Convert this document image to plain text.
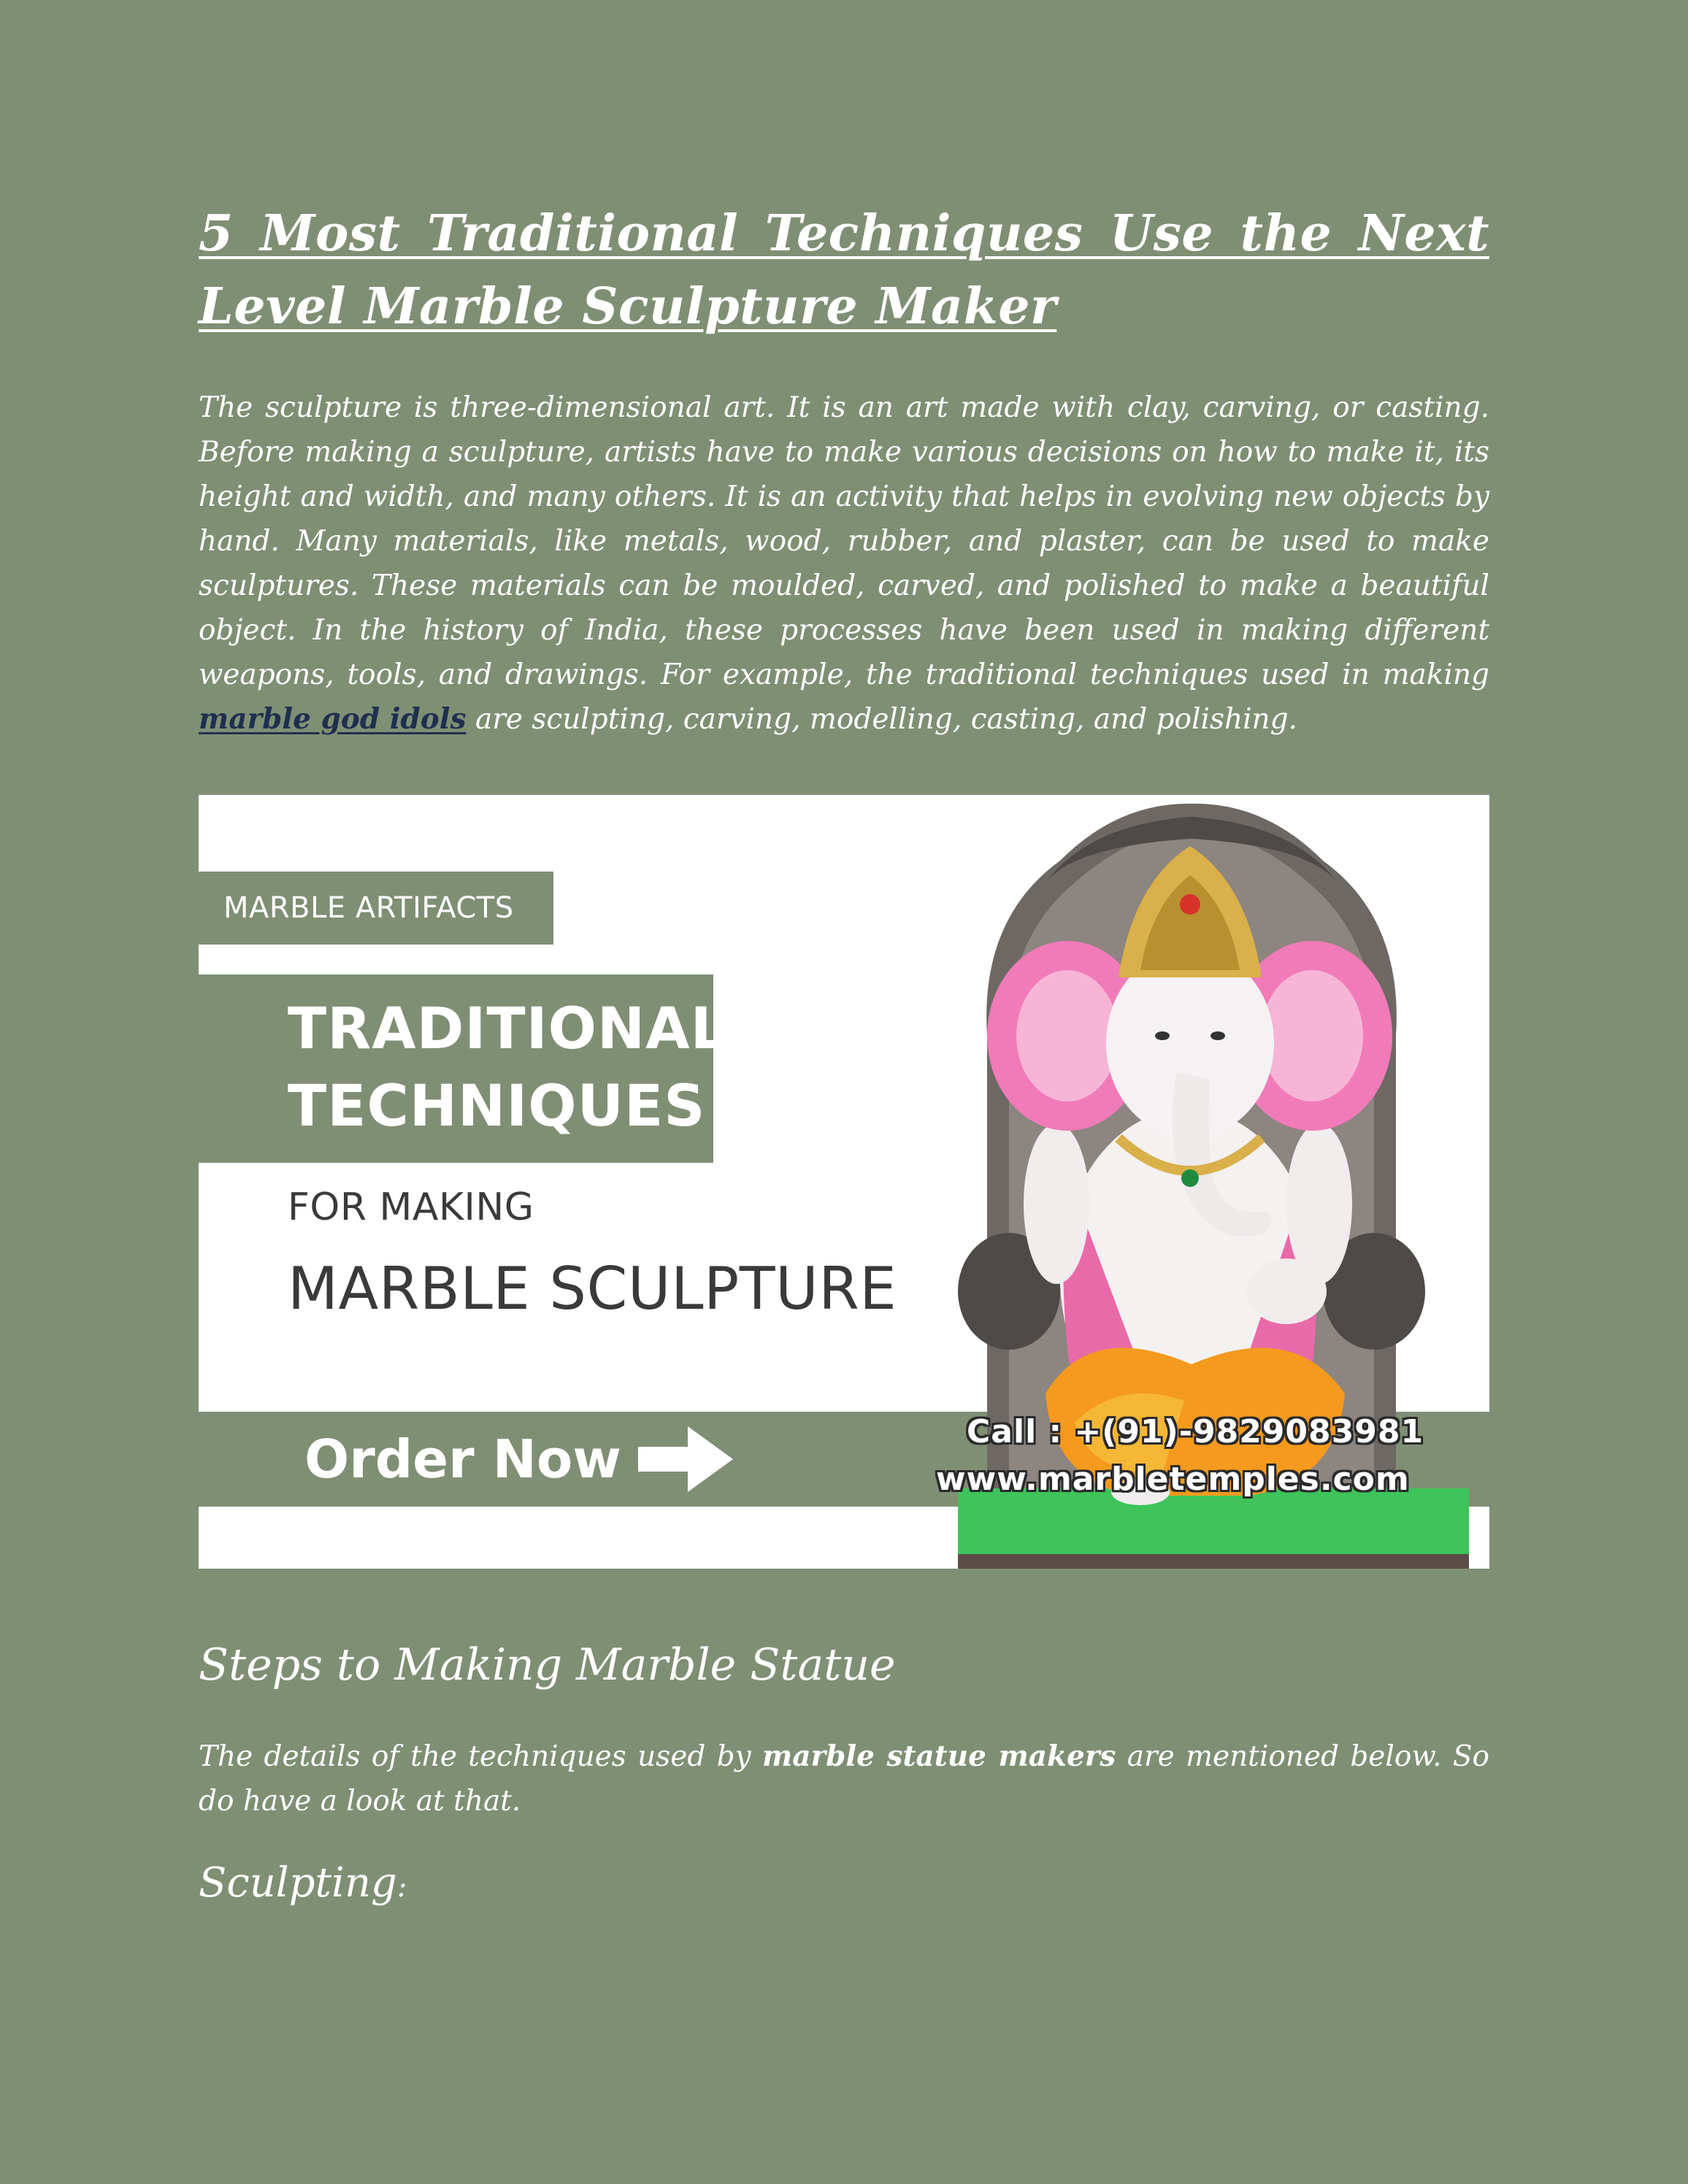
5 Most Traditional Techniques Use the Next Level Marble Sculpture Maker

The sculpture is three-dimensional art. It is an art made with clay, carving, or casting. Before making a sculpture, artists have to make various decisions on how to make it, its height and width, and many others. It is an activity that helps in evolving new objects by hand. Many materials, like metals, wood, rubber, and plaster, can be used to make sculptures. These materials can be moulded, carved, and polished to make a beautiful object. In the history of India, these processes have been used in making different weapons, tools, and drawings. For example, the traditional techniques used in making marble god idols are sculpting, carving, modelling, casting, and polishing.

MARBLE ARTIFACTS
TRADITIONAL
TECHNIQUES
FOR MAKING
MARBLE SCULPTURE
Order Now	Call : +(91)-9829083981
www.marbletemples.com
Steps to Making Marble Statue

The details of the techniques used by marble statue makers are mentioned below. So do have a look at that.

Sculpting:
